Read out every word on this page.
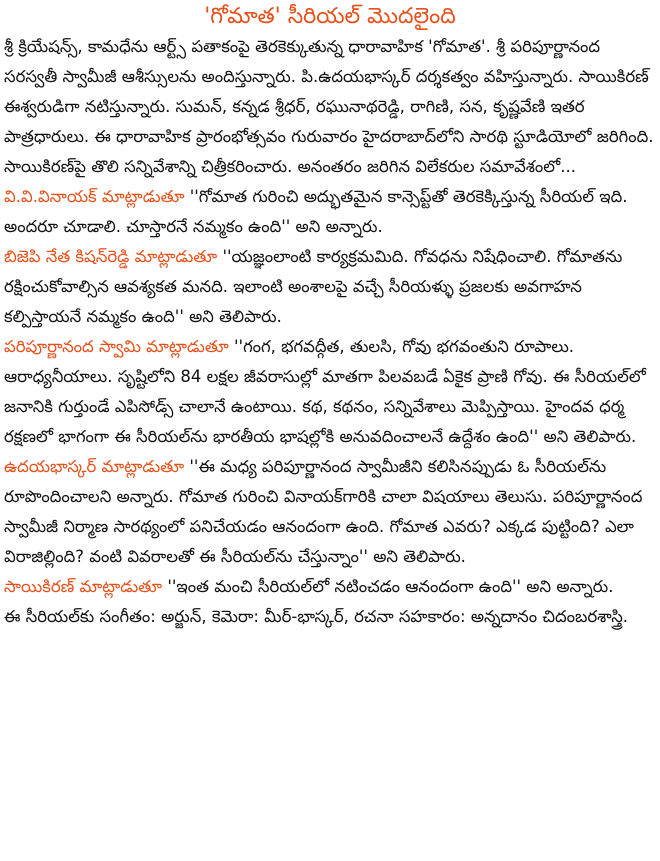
'గోమాత' సీరియల్ మొదలైంది

శ్రీ క్రియేషన్స్, కామధేను ఆర్ట్స్ పతాకంపై తెరకెక్కుతున్న ధారావాహిక 'గోమాత'. శ్రీ పరిపూర్ణానంద సరస్వతీ స్వామీజీ ఆశీస్సులను అందిస్తున్నారు. పి.ఉదయభాస్కర్ దర్శకత్వం వహిస్తున్నారు. సాయికిరణ్ ఈశ్వరుడిగా నటిస్తున్నారు. సుమన్, కన్నడ శ్రీధర్, రఘునాథరెడ్డి, రాగిణి, సన, కృష్ణవేణి ఇతర పాత్రధారులు. ఈ ధారావాహిక ప్రారంభోత్సవం గురువారం హైదరాబాద్‌లోని సారథి స్టూడియోలో జరిగింది. సాయికిరణ్‌పై తొలి సన్నివేశాన్ని చిత్రీకరించారు. అనంతరం జరిగిన విలేకరుల సమావేశంలో...

వి.వి.వినాయక్ మాట్లాడుతూ ''గోమాత గురించి అద్భుతమైన కాన్సెప్ట్‌తో తెరకెక్కిస్తున్న సీరియల్ ఇది. అందరూ చూడాలి. చూస్తారనే నమ్మకం ఉంది'' అని అన్నారు.

బిజెపి నేత కిషన్‌రెడ్డి మాట్లాడుతూ ''యజ్ఞంలాంటి కార్యక్రమమిది. గోవధను నిషేధించాలి. గోమాతను రక్షించుకోవాల్సిన ఆవశ్యకత మనది. ఇలాంటి అంశాలపై వచ్చే సీరియళ్ళు ప్రజలకు అవగాహన కల్పిస్తాయనే నమ్మకం ఉంది'' అని తెలిపారు.

పరిపూర్ణానంద స్వామి మాట్లాడుతూ ''గంగ, భగవద్గీత, తులసి, గోవు భగవంతుని రూపాలు. ఆరాధ్యనీయాలు. సృష్టిలోని 84 లక్షల జీవరాసుల్లో మాతగా పిలవబడే ఏకైక ప్రాణి గోవు. ఈ సీరియల్‌లో జనానికి గుర్తుండే ఎపిసోడ్స్ చాలానే ఉంటాయి. కథ, కథనం, సన్నివేశాలు మెప్పిస్తాయి. హైందవ ధర్మ రక్షణలో భాగంగా ఈ సీరియల్‌ను భారతీయ భాషల్లోకి అనువదించాలనే ఉద్దేశం ఉంది'' అని తెలిపారు.

ఉదయభాస్కర్ మాట్లాడుతూ ''ఈ మధ్య పరిపూర్ణానంద స్వామీజీని కలిసినప్పుడు ఓ సీరియల్‌ను రూపొందించాలని అన్నారు. గోమాత గురించి వినాయక్‌గారికి చాలా విషయాలు తెలుసు. పరిపూర్ణానంద స్వామీజీ నిర్మాణ సారథ్యంలో పనిచేయడం ఆనందంగా ఉంది. గోమాత ఎవరు? ఎక్కడ పుట్టింది? ఎలా విరాజిల్లింది? వంటి వివరాలతో ఈ సీరియల్‌ను చేస్తున్నాం'' అని తెలిపారు.

సాయికిరణ్ మాట్లాడుతూ ''ఇంత మంచి సీరియల్‌లో నటించడం ఆనందంగా ఉంది'' అని అన్నారు.

ఈ సీరియల్‌కు సంగీతం: అర్జున్, కెమెరా: మీర్-భాస్కర్, రచనా సహకారం: అన్నదానం చిదంబరశాస్త్రి.
